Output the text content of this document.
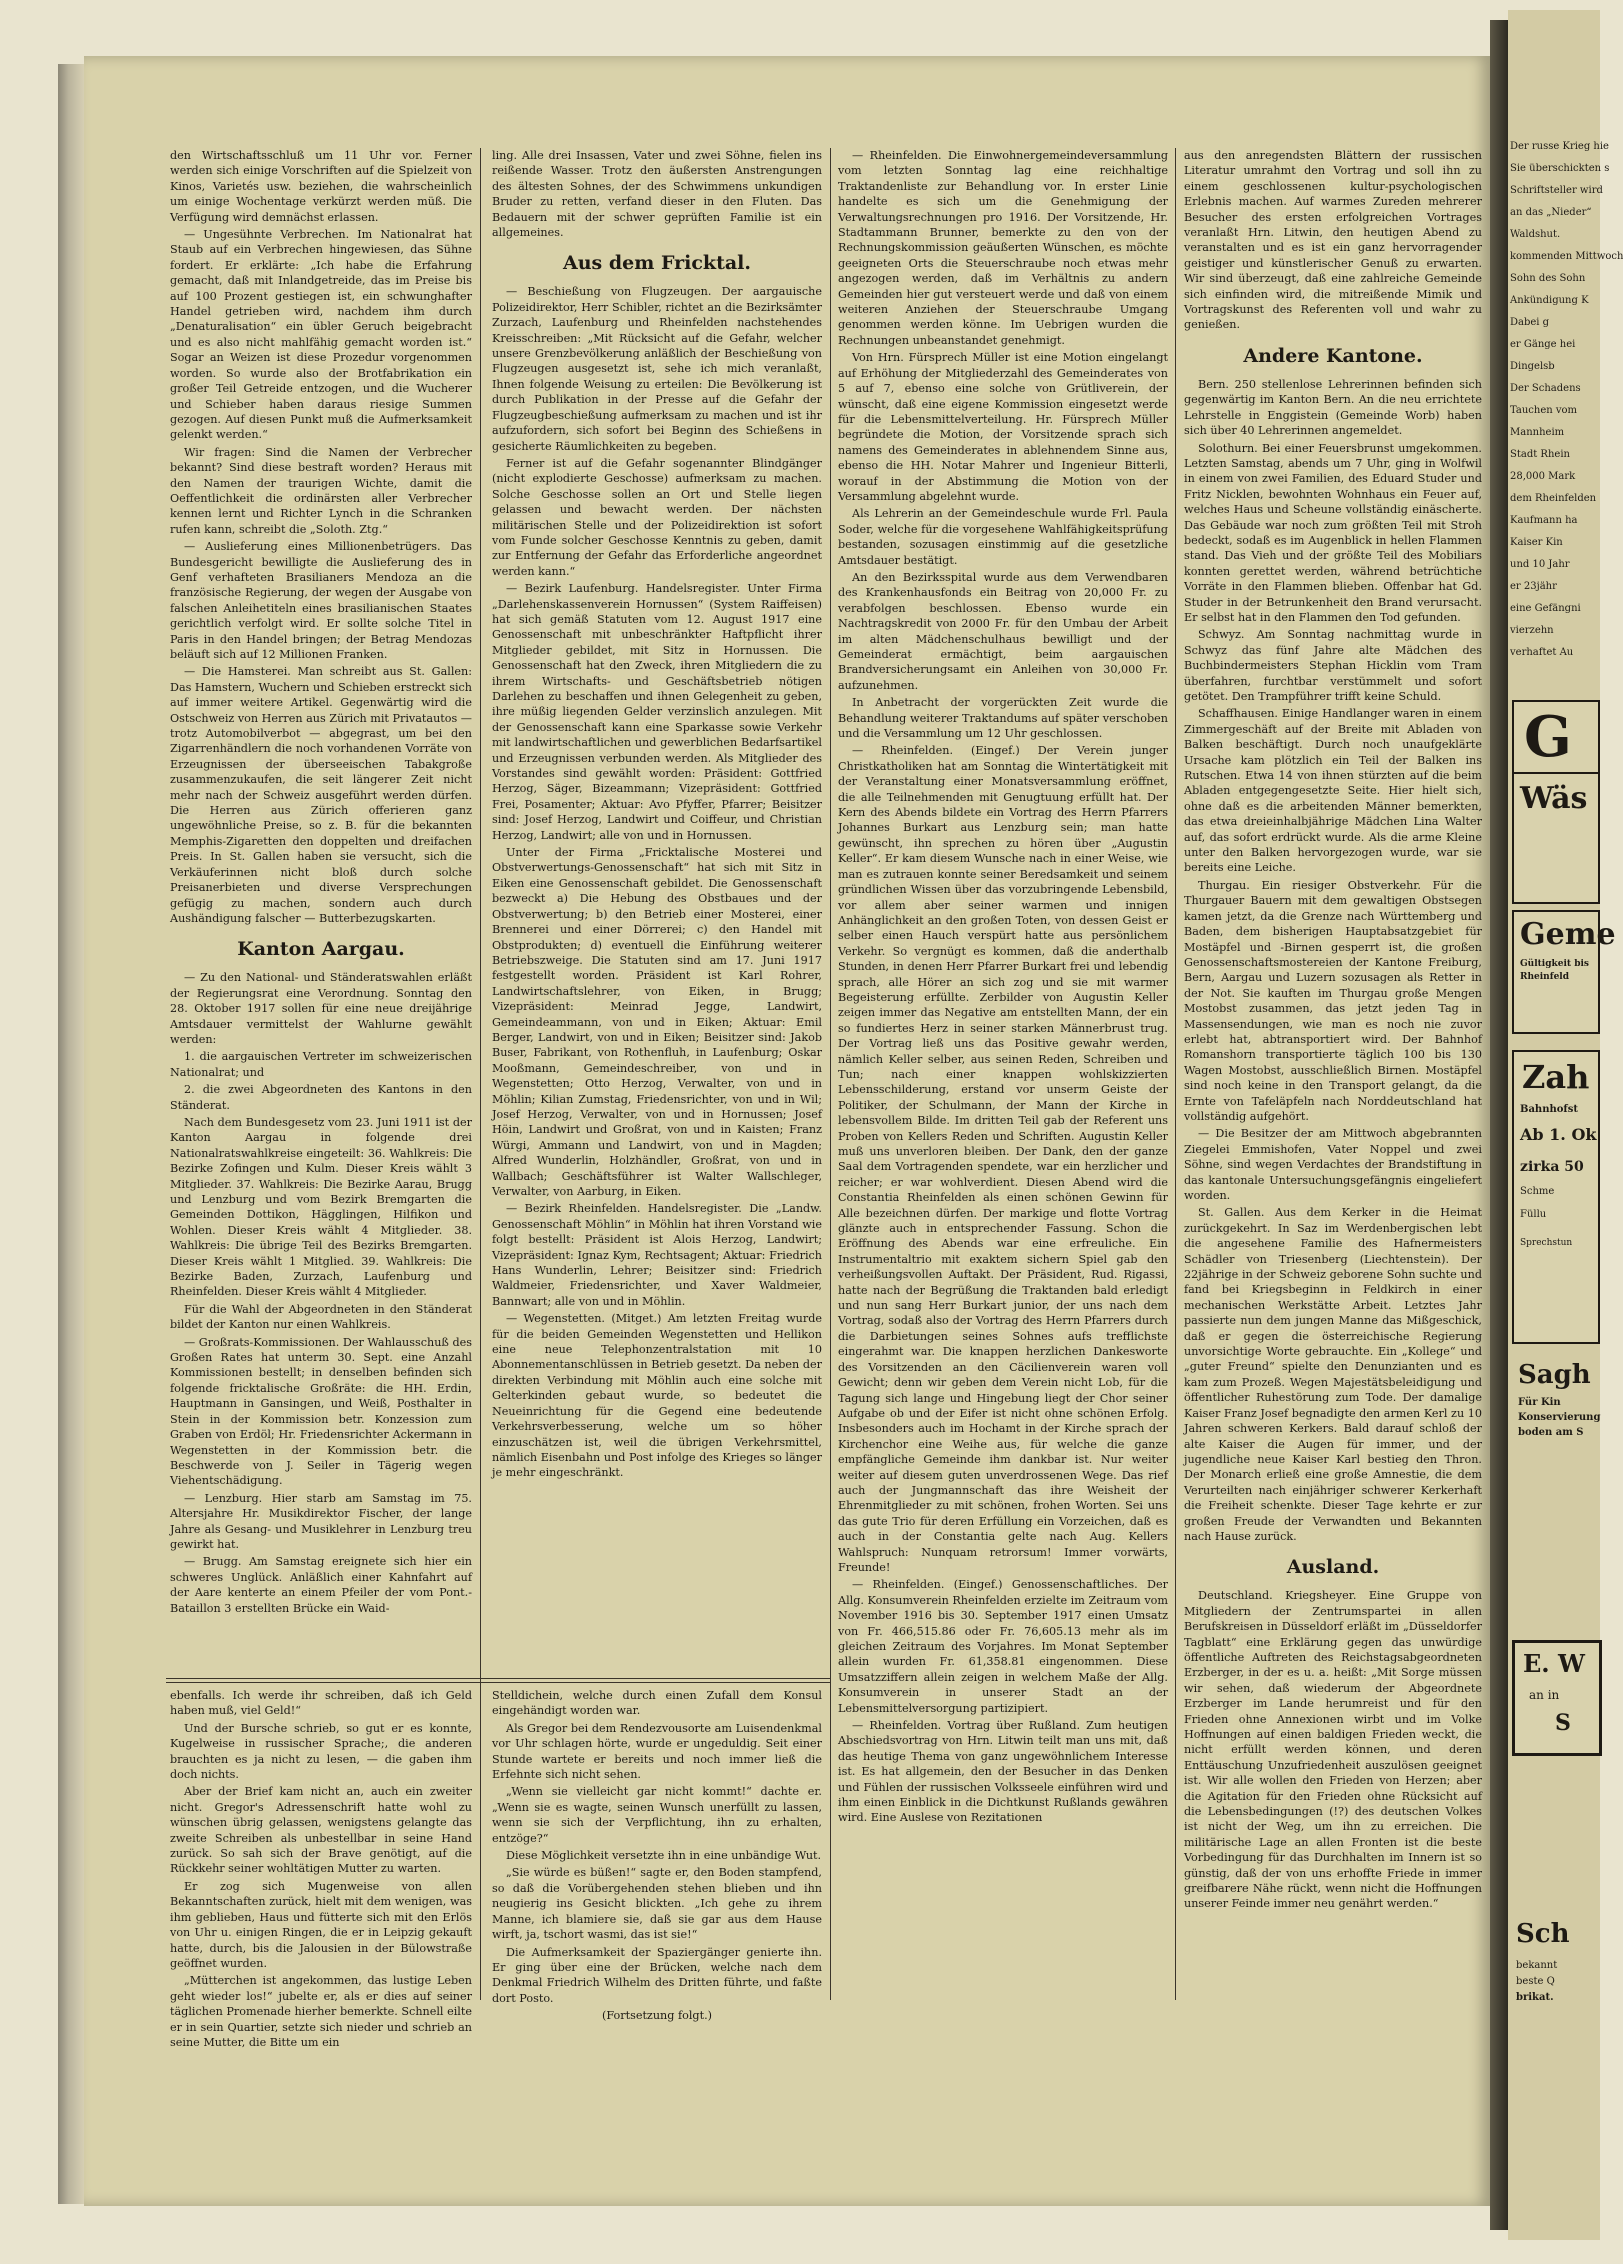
den Wirtschaftsschluß um 11 Uhr vor. Ferner werden sich einige Vorschriften auf die Spielzeit von Kinos, Varietés usw. beziehen, die wahrscheinlich um einige Wochentage verkürzt werden müß. Die Verfügung wird demnächst erlassen.

— Ungesühnte Verbrechen. Im Nationalrat hat Staub auf ein Verbrechen hingewiesen, das Sühne fordert. Er erklärte: „Ich habe die Erfahrung gemacht, daß mit Inlandgetreide, das im Preise bis auf 100 Prozent gestiegen ist, ein schwunghafter Handel getrieben wird, nachdem ihm durch „Denaturalisation“ ein übler Geruch beigebracht und es also nicht mahlfähig gemacht worden ist.“ Sogar an Weizen ist diese Prozedur vorgenommen worden. So wurde also der Brotfabrikation ein großer Teil Getreide entzogen, und die Wucherer und Schieber haben daraus riesige Summen gezogen. Auf diesen Punkt muß die Aufmerksamkeit gelenkt werden.“

Wir fragen: Sind die Namen der Verbrecher bekannt? Sind diese bestraft worden? Heraus mit den Namen der traurigen Wichte, damit die Oeffentlichkeit die ordinärsten aller Verbrecher kennen lernt und Richter Lynch in die Schranken rufen kann, schreibt die „Soloth. Ztg.“

— Auslieferung eines Millionenbetrügers. Das Bundesgericht bewilligte die Auslieferung des in Genf verhafteten Brasilianers Mendoza an die französische Regierung, der wegen der Ausgabe von falschen Anleihetiteln eines brasilianischen Staates gerichtlich verfolgt wird. Er sollte solche Titel in Paris in den Handel bringen; der Betrag Mendozas beläuft sich auf 12 Millionen Franken.

— Die Hamsterei. Man schreibt aus St. Gallen: Das Hamstern, Wuchern und Schieben erstreckt sich auf immer weitere Artikel. Gegenwärtig wird die Ostschweiz von Herren aus Zürich mit Privatautos — trotz Automobilverbot — abgegrast, um bei den Zigarrenhändlern die noch vorhandenen Vorräte von Erzeugnissen der überseeischen Tabakgroße zusammenzukaufen, die seit längerer Zeit nicht mehr nach der Schweiz ausgeführt werden dürfen. Die Herren aus Zürich offerieren ganz ungewöhnliche Preise, so z. B. für die bekannten Memphis-Zigaretten den doppelten und dreifachen Preis. In St. Gallen haben sie versucht, sich die Verkäuferinnen nicht bloß durch solche Preisanerbieten und diverse Versprechungen gefügig zu machen, sondern auch durch Aushändigung falscher — Butterbezugskarten.

Kanton Aargau.

— Zu den National- und Ständeratswahlen erläßt der Regierungsrat eine Verordnung. Sonntag den 28. Oktober 1917 sollen für eine neue dreijährige Amtsdauer vermittelst der Wahlurne gewählt werden:

1. die aargauischen Vertreter im schweizerischen Nationalrat; und

2. die zwei Abgeordneten des Kantons in den Ständerat.

Nach dem Bundesgesetz vom 23. Juni 1911 ist der Kanton Aargau in folgende drei Nationalratswahlkreise eingeteilt: 36. Wahlkreis: Die Bezirke Zofingen und Kulm. Dieser Kreis wählt 3 Mitglieder. 37. Wahlkreis: Die Bezirke Aarau, Brugg und Lenzburg und vom Bezirk Bremgarten die Gemeinden Dottikon, Hägglingen, Hilfikon und Wohlen. Dieser Kreis wählt 4 Mitglieder. 38. Wahlkreis: Die übrige Teil des Bezirks Bremgarten. Dieser Kreis wählt 1 Mitglied. 39. Wahlkreis: Die Bezirke Baden, Zurzach, Laufenburg und Rheinfelden. Dieser Kreis wählt 4 Mitglieder.

Für die Wahl der Abgeordneten in den Ständerat bildet der Kanton nur einen Wahlkreis.

— Großrats-Kommissionen. Der Wahlausschuß des Großen Rates hat unterm 30. Sept. eine Anzahl Kommissionen bestellt; in denselben befinden sich folgende fricktalische Großräte: die HH. Erdin, Hauptmann in Gansingen, und Weiß, Posthalter in Stein in der Kommission betr. Konzession zum Graben von Erdöl; Hr. Friedensrichter Ackermann in Wegenstetten in der Kommission betr. die Beschwerde von J. Seiler in Tägerig wegen Viehentschädigung.

— Lenzburg. Hier starb am Samstag im 75. Altersjahre Hr. Musikdirektor Fischer, der lange Jahre als Gesang- und Musiklehrer in Lenzburg treu gewirkt hat.

— Brugg. Am Samstag ereignete sich hier ein schweres Unglück. Anläßlich einer Kahnfahrt auf der Aare kenterte an einem Pfeiler der vom Pont.-Bataillon 3 erstellten Brücke ein Waid-

ling. Alle drei Insassen, Vater und zwei Söhne, fielen ins reißende Wasser. Trotz den äußersten Anstrengungen des ältesten Sohnes, der des Schwimmens unkundigen Bruder zu retten, verfand dieser in den Fluten. Das Bedauern mit der schwer geprüften Familie ist ein allgemeines.

Aus dem Fricktal.

— Beschießung von Flugzeugen. Der aargauische Polizeidirektor, Herr Schibler, richtet an die Bezirksämter Zurzach, Laufenburg und Rheinfelden nachstehendes Kreisschreiben: „Mit Rücksicht auf die Gefahr, welcher unsere Grenzbevölkerung anläßlich der Beschießung von Flugzeugen ausgesetzt ist, sehe ich mich veranlaßt, Ihnen folgende Weisung zu erteilen: Die Bevölkerung ist durch Publikation in der Presse auf die Gefahr der Flugzeugbeschießung aufmerksam zu machen und ist ihr aufzufordern, sich sofort bei Beginn des Schießens in gesicherte Räumlichkeiten zu begeben.

Ferner ist auf die Gefahr sogenannter Blindgänger (nicht explodierte Geschosse) aufmerksam zu machen. Solche Geschosse sollen an Ort und Stelle liegen gelassen und bewacht werden. Der nächsten militärischen Stelle und der Polizeidirektion ist sofort vom Funde solcher Geschosse Kenntnis zu geben, damit zur Entfernung der Gefahr das Erforderliche angeordnet werden kann.“

— Bezirk Laufenburg. Handelsregister. Unter Firma „Darlehenskassenverein Hornussen“ (System Raiffeisen) hat sich gemäß Statuten vom 12. August 1917 eine Genossenschaft mit unbeschränkter Haftpflicht ihrer Mitglieder gebildet, mit Sitz in Hornussen. Die Genossenschaft hat den Zweck, ihren Mitgliedern die zu ihrem Wirtschafts- und Geschäftsbetrieb nötigen Darlehen zu beschaffen und ihnen Gelegenheit zu geben, ihre müßig liegenden Gelder verzinslich anzulegen. Mit der Genossenschaft kann eine Sparkasse sowie Verkehr mit landwirtschaftlichen und gewerblichen Bedarfsartikel und Erzeugnissen verbunden werden. Als Mitglieder des Vorstandes sind gewählt worden: Präsident: Gottfried Herzog, Säger, Bizeammann; Vizepräsident: Gottfried Frei, Posamenter; Aktuar: Avo Pfyffer, Pfarrer; Beisitzer sind: Josef Herzog, Landwirt und Coiffeur, und Christian Herzog, Landwirt; alle von und in Hornussen.

Unter der Firma „Fricktalische Mosterei und Obstverwertungs-Genossenschaft“ hat sich mit Sitz in Eiken eine Genossenschaft gebildet. Die Genossenschaft bezweckt a) Die Hebung des Obstbaues und der Obstverwertung; b) den Betrieb einer Mosterei, einer Brennerei und einer Dörrerei; c) den Handel mit Obstprodukten; d) eventuell die Einführung weiterer Betriebszweige. Die Statuten sind am 17. Juni 1917 festgestellt worden. Präsident ist Karl Rohrer, Landwirtschaftslehrer, von Eiken, in Brugg; Vizepräsident: Meinrad Jegge, Landwirt, Gemeindeammann, von und in Eiken; Aktuar: Emil Berger, Landwirt, von und in Eiken; Beisitzer sind: Jakob Buser, Fabrikant, von Rothenfluh, in Laufenburg; Oskar Mooßmann, Gemeindeschreiber, von und in Wegenstetten; Otto Herzog, Verwalter, von und in Möhlin; Kilian Zumstag, Friedensrichter, von und in Wil; Josef Herzog, Verwalter, von und in Hornussen; Josef Höin, Landwirt und Großrat, von und in Kaisten; Franz Würgi, Ammann und Landwirt, von und in Magden; Alfred Wunderlin, Holzhändler, Großrat, von und in Wallbach; Geschäftsführer ist Walter Wallschleger, Verwalter, von Aarburg, in Eiken.

— Bezirk Rheinfelden. Handelsregister. Die „Landw. Genossenschaft Möhlin“ in Möhlin hat ihren Vorstand wie folgt bestellt: Präsident ist Alois Herzog, Landwirt; Vizepräsident: Ignaz Kym, Rechtsagent; Aktuar: Friedrich Hans Wunderlin, Lehrer; Beisitzer sind: Friedrich Waldmeier, Friedensrichter, und Xaver Waldmeier, Bannwart; alle von und in Möhlin.

— Wegenstetten. (Mitget.) Am letzten Freitag wurde für die beiden Gemeinden Wegenstetten und Hellikon eine neue Telephonzentralstation mit 10 Abonnementanschlüssen in Betrieb gesetzt. Da neben der direkten Verbindung mit Möhlin auch eine solche mit Gelterkinden gebaut wurde, so bedeutet die Neueinrichtung für die Gegend eine bedeutende Verkehrsverbesserung, welche um so höher einzuschätzen ist, weil die übrigen Verkehrsmittel, nämlich Eisenbahn und Post infolge des Krieges so länger je mehr eingeschränkt.

— Rheinfelden. Die Einwohnergemeindeversammlung vom letzten Sonntag lag eine reichhaltige Traktandenliste zur Behandlung vor. In erster Linie handelte es sich um die Genehmigung der Verwaltungsrechnungen pro 1916. Der Vorsitzende, Hr. Stadtammann Brunner, bemerkte zu den von der Rechnungskommission geäußerten Wünschen, es möchte geeigneten Orts die Steuerschraube noch etwas mehr angezogen werden, daß im Verhältnis zu andern Gemeinden hier gut versteuert werde und daß von einem weiteren Anziehen der Steuerschraube Umgang genommen werden könne. Im Uebrigen wurden die Rechnungen unbeanstandet genehmigt.

Von Hrn. Fürsprech Müller ist eine Motion eingelangt auf Erhöhung der Mitgliederzahl des Gemeinderates von 5 auf 7, ebenso eine solche von Grütliverein, der wünscht, daß eine eigene Kommission eingesetzt werde für die Lebensmittelverteilung. Hr. Fürsprech Müller begründete die Motion, der Vorsitzende sprach sich namens des Gemeinderates in ablehnendem Sinne aus, ebenso die HH. Notar Mahrer und Ingenieur Bitterli, worauf in der Abstimmung die Motion von der Versammlung abgelehnt wurde.

Als Lehrerin an der Gemeindeschule wurde Frl. Paula Soder, welche für die vorgesehene Wahlfähigkeitsprüfung bestanden, sozusagen einstimmig auf die gesetzliche Amtsdauer bestätigt.

An den Bezirksspital wurde aus dem Verwendbaren des Krankenhausfonds ein Beitrag von 20,000 Fr. zu verabfolgen beschlossen. Ebenso wurde ein Nachtragskredit von 2000 Fr. für den Umbau der Arbeit im alten Mädchenschulhaus bewilligt und der Gemeinderat ermächtigt, beim aargauischen Brandversicherungsamt ein Anleihen von 30,000 Fr. aufzunehmen.

In Anbetracht der vorgerückten Zeit wurde die Behandlung weiterer Traktandums auf später verschoben und die Versammlung um 12 Uhr geschlossen.

— Rheinfelden. (Eingef.) Der Verein junger Christkatholiken hat am Sonntag die Wintertätigkeit mit der Veranstaltung einer Monatsversammlung eröffnet, die alle Teilnehmenden mit Genugtuung erfüllt hat. Der Kern des Abends bildete ein Vortrag des Herrn Pfarrers Johannes Burkart aus Lenzburg sein; man hatte gewünscht, ihn sprechen zu hören über „Augustin Keller“. Er kam diesem Wunsche nach in einer Weise, wie man es zutrauen konnte seiner Beredsamkeit und seinem gründlichen Wissen über das vorzubringende Lebensbild, vor allem aber seiner warmen und innigen Anhänglichkeit an den großen Toten, von dessen Geist er selber einen Hauch verspürt hatte aus persönlichem Verkehr. So vergnügt es kommen, daß die anderthalb Stunden, in denen Herr Pfarrer Burkart frei und lebendig sprach, alle Hörer an sich zog und sie mit warmer Begeisterung erfüllte. Zerbilder von Augustin Keller zeigen immer das Negative am entstellten Mann, der ein so fundiertes Herz in seiner starken Männerbrust trug. Der Vortrag ließ uns das Positive gewahr werden, nämlich Keller selber, aus seinen Reden, Schreiben und Tun; nach einer knappen wohlskizzierten Lebensschilderung, erstand vor unserm Geiste der Politiker, der Schulmann, der Mann der Kirche in lebensvollem Bilde. Im dritten Teil gab der Referent uns Proben von Kellers Reden und Schriften. Augustin Keller muß uns unverloren bleiben. Der Dank, den der ganze Saal dem Vortragenden spendete, war ein herzlicher und reicher; er war wohlverdient. Diesen Abend wird die Constantia Rheinfelden als einen schönen Gewinn für Alle bezeichnen dürfen. Der markige und flotte Vortrag glänzte auch in entsprechender Fassung. Schon die Eröffnung des Abends war eine erfreuliche. Ein Instrumentaltrio mit exaktem sichern Spiel gab den verheißungsvollen Auftakt. Der Präsident, Rud. Rigassi, hatte nach der Begrüßung die Traktanden bald erledigt und nun sang Herr Burkart junior, der uns nach dem Vortrag, sodaß also der Vortrag des Herrn Pfarrers durch die Darbietungen seines Sohnes aufs trefflichste eingerahmt war. Die knappen herzlichen Dankesworte des Vorsitzenden an den Cäcilienverein waren voll Gewicht; denn wir geben dem Verein nicht Lob, für die Tagung sich lange und Hingebung liegt der Chor seiner Aufgabe ob und der Eifer ist nicht ohne schönen Erfolg. Insbesonders auch im Hochamt in der Kirche sprach der Kirchenchor eine Weihe aus, für welche die ganze empfängliche Gemeinde ihm dankbar ist. Nur weiter weiter auf diesem guten unverdrossenen Wege. Das rief auch der Jungmannschaft das ihre Weisheit der Ehrenmitglieder zu mit schönen, frohen Worten. Sei uns das gute Trio für deren Erfüllung ein Vorzeichen, daß es auch in der Constantia gelte nach Aug. Kellers Wahlspruch: Nunquam retrorsum! Immer vorwärts, Freunde!

— Rheinfelden. (Eingef.) Genossenschaftliches. Der Allg. Konsumverein Rheinfelden erzielte im Zeitraum vom November 1916 bis 30. September 1917 einen Umsatz von Fr. 466,515.86 oder Fr. 76,605.13 mehr als im gleichen Zeitraum des Vorjahres. Im Monat September allein wurden Fr. 61,358.81 eingenommen. Diese Umsatzziffern allein zeigen in welchem Maße der Allg. Konsumverein in unserer Stadt an der Lebensmittelversorgung partizipiert.

— Rheinfelden. Vortrag über Rußland. Zum heutigen Abschiedsvortrag von Hrn. Litwin teilt man uns mit, daß das heutige Thema von ganz ungewöhnlichem Interesse ist. Es hat allgemein, den der Besucher in das Denken und Fühlen der russischen Volksseele einführen wird und ihm einen Einblick in die Dichtkunst Rußlands gewähren wird. Eine Auslese von Rezitationen

aus den anregendsten Blättern der russischen Literatur umrahmt den Vortrag und soll ihn zu einem geschlossenen kultur-psychologischen Erlebnis machen. Auf warmes Zureden mehrerer Besucher des ersten erfolgreichen Vortrages veranlaßt Hrn. Litwin, den heutigen Abend zu veranstalten und es ist ein ganz hervorragender geistiger und künstlerischer Genuß zu erwarten. Wir sind überzeugt, daß eine zahlreiche Gemeinde sich einfinden wird, die mitreißende Mimik und Vortragskunst des Referenten voll und wahr zu genießen.

Andere Kantone.

Bern. 250 stellenlose Lehrerinnen befinden sich gegenwärtig im Kanton Bern. An die neu errichtete Lehrstelle in Enggistein (Gemeinde Worb) haben sich über 40 Lehrerinnen angemeldet.

Solothurn. Bei einer Feuersbrunst umgekommen. Letzten Samstag, abends um 7 Uhr, ging in Wolfwil in einem von zwei Familien, des Eduard Studer und Fritz Nicklen, bewohnten Wohnhaus ein Feuer auf, welches Haus und Scheune vollständig einäscherte. Das Gebäude war noch zum größten Teil mit Stroh bedeckt, sodaß es im Augenblick in hellen Flammen stand. Das Vieh und der größte Teil des Mobiliars konnten gerettet werden, während betrüchtiche Vorräte in den Flammen blieben. Offenbar hat Gd. Studer in der Betrunkenheit den Brand verursacht. Er selbst hat in den Flammen den Tod gefunden.

Schwyz. Am Sonntag nachmittag wurde in Schwyz das fünf Jahre alte Mädchen des Buchbindermeisters Stephan Hicklin vom Tram überfahren, furchtbar verstümmelt und sofort getötet. Den Trampführer trifft keine Schuld.

Schaffhausen. Einige Handlanger waren in einem Zimmergeschäft auf der Breite mit Abladen von Balken beschäftigt. Durch noch unaufgeklärte Ursache kam plötzlich ein Teil der Balken ins Rutschen. Etwa 14 von ihnen stürzten auf die beim Abladen entgegengesetzte Seite. Hier hielt sich, ohne daß es die arbeitenden Männer bemerkten, das etwa dreieinhalbjährige Mädchen Lina Walter auf, das sofort erdrückt wurde. Als die arme Kleine unter den Balken hervorgezogen wurde, war sie bereits eine Leiche.

Thurgau. Ein riesiger Obstverkehr. Für die Thurgauer Bauern mit dem gewaltigen Obstsegen kamen jetzt, da die Grenze nach Württemberg und Baden, dem bisherigen Hauptabsatzgebiet für Mostäpfel und -Birnen gesperrt ist, die großen Genossenschaftsmostereien der Kantone Freiburg, Bern, Aargau und Luzern sozusagen als Retter in der Not. Sie kauften im Thurgau große Mengen Mostobst zusammen, das jetzt jeden Tag in Massensendungen, wie man es noch nie zuvor erlebt hat, abtransportiert wird. Der Bahnhof Romanshorn transportierte täglich 100 bis 130 Wagen Mostobst, ausschließlich Birnen. Mostäpfel sind noch keine in den Transport gelangt, da die Ernte von Tafeläpfeln nach Norddeutschland hat vollständig aufgehört.

— Die Besitzer der am Mittwoch abgebrannten Ziegelei Emmishofen, Vater Noppel und zwei Söhne, sind wegen Verdachtes der Brandstiftung in das kantonale Untersuchungsgefängnis eingeliefert worden.

St. Gallen. Aus dem Kerker in die Heimat zurückgekehrt. In Saz im Werdenbergischen lebt die angesehene Familie des Hafnermeisters Schädler von Triesenberg (Liechtenstein). Der 22jährige in der Schweiz geborene Sohn suchte und fand bei Kriegsbeginn in Feldkirch in einer mechanischen Werkstätte Arbeit. Letztes Jahr passierte nun dem jungen Manne das Mißgeschick, daß er gegen die österreichische Regierung unvorsichtige Worte gebrauchte. Ein „Kollege“ und „guter Freund“ spielte den Denunzianten und es kam zum Prozeß. Wegen Majestätsbeleidigung und öffentlicher Ruhestörung zum Tode. Der damalige Kaiser Franz Josef begnadigte den armen Kerl zu 10 Jahren schweren Kerkers. Bald darauf schloß der alte Kaiser die Augen für immer, und der jugendliche neue Kaiser Karl bestieg den Thron. Der Monarch erließ eine große Amnestie, die dem Verurteilten nach einjähriger schwerer Kerkerhaft die Freiheit schenkte. Dieser Tage kehrte er zur großen Freude der Verwandten und Bekannten nach Hause zurück.

Ausland.

Deutschland. Kriegsheyer. Eine Gruppe von Mitgliedern der Zentrumspartei in allen Berufskreisen in Düsseldorf erläßt im „Düsseldorfer Tagblatt“ eine Erklärung gegen das unwürdige öffentliche Auftreten des Reichstagsabgeordneten Erzberger, in der es u. a. heißt: „Mit Sorge müssen wir sehen, daß wiederum der Abgeordnete Erzberger im Lande herumreist und für den Frieden ohne Annexionen wirbt und im Volke Hoffnungen auf einen baldigen Frieden weckt, die nicht erfüllt werden können, und deren Enttäuschung Unzufriedenheit auszulösen geeignet ist. Wir alle wollen den Frieden von Herzen; aber die Agitation für den Frieden ohne Rücksicht auf die Lebensbedingungen (!?) des deutschen Volkes ist nicht der Weg, um ihn zu erreichen. Die militärische Lage an allen Fronten ist die beste Vorbedingung für das Durchhalten im Innern ist so günstig, daß der von uns erhoffte Friede in immer greifbarere Nähe rückt, wenn nicht die Hoffnungen unserer Feinde immer neu genährt werden.“

ebenfalls. Ich werde ihr schreiben, daß ich Geld haben muß, viel Geld!“

Und der Bursche schrieb, so gut er es konnte, Kugelweise in russischer Sprache;, die anderen brauchten es ja nicht zu lesen, — die gaben ihm doch nichts.

Aber der Brief kam nicht an, auch ein zweiter nicht. Gregor's Adressenschrift hatte wohl zu wünschen übrig gelassen, wenigstens gelangte das zweite Schreiben als unbestellbar in seine Hand zurück. So sah sich der Brave genötigt, auf die Rückkehr seiner wohltätigen Mutter zu warten.

Er zog sich Mugenweise von allen Bekanntschaften zurück, hielt mit dem wenigen, was ihm geblieben, Haus und fütterte sich mit den Erlös von Uhr u. einigen Ringen, die er in Leipzig gekauft hatte, durch, bis die Jalousien in der Bülowstraße geöffnet wurden.

„Mütterchen ist angekommen, das lustige Leben geht wieder los!“ jubelte er, als er dies auf seiner täglichen Promenade hierher bemerkte. Schnell eilte er in sein Quartier, setzte sich nieder und schrieb an seine Mutter, die Bitte um ein

Stelldichein, welche durch einen Zufall dem Konsul eingehändigt worden war.

Als Gregor bei dem Rendezvousorte am Luisendenkmal vor Uhr schlagen hörte, wurde er ungeduldig. Seit einer Stunde wartete er bereits und noch immer ließ die Erfehnte sich nicht sehen.

„Wenn sie vielleicht gar nicht kommt!“ dachte er. „Wenn sie es wagte, seinen Wunsch unerfüllt zu lassen, wenn sie sich der Verpflichtung, ihn zu erhalten, entzöge?“

Diese Möglichkeit versetzte ihn in eine unbändige Wut.

„Sie würde es büßen!“ sagte er, den Boden stampfend, so daß die Vorübergehenden stehen blieben und ihn neugierig ins Gesicht blickten. „Ich gehe zu ihrem Manne, ich blamiere sie, daß sie gar aus dem Hause wirft, ja, tschort wasmi, das ist sie!“

Die Aufmerksamkeit der Spaziergänger genierte ihn. Er ging über eine der Brücken, welche nach dem Denkmal Friedrich Wilhelm des Dritten führte, und faßte dort Posto.

(Fortsetzung folgt.)

Der russe Krieg hie
Sie überschickten s
Schriftsteller wird
an das „Nieder“
Waldshut.
kommenden Mittwoch
Sohn des Sohn
Ankündigung K
Dabei g
er Gänge hei
Dingelsb
Der Schadens
Tauchen vom
Mannheim
Stadt Rhein
28,000 Mark
dem Rheinfelden
Kaufmann ha
Kaiser Kin
und 10 Jahr
er 23jähr
eine Gefängni
vierzehn
verhaftet Au
G
Wäs
Geme
Gültigkeit bis
Rheinfeld
Zah
Bahnhofst
Ab 1. Ok
zirka 50
Schme
Füllu
Sprechstun
Sagh
Für Kin
Konservierung
boden am S
E. W
an in
S
Sch
bekannt
beste Q
brikat.
